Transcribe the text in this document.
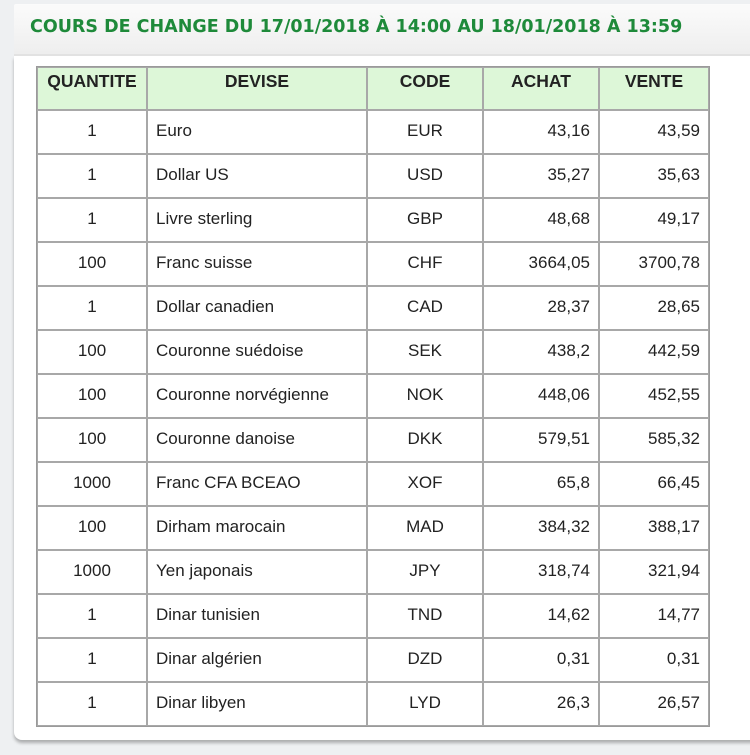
COURS DE CHANGE DU 17/01/2018 À 14:00 AU 18/01/2018 À 13:59
QUANTITE	DEVISE	CODE	ACHAT	VENTE
1	Euro	EUR	43,16	43,59
1	Dollar US	USD	35,27	35,63
1	Livre sterling	GBP	48,68	49,17
100	Franc suisse	CHF	3664,05	3700,78
1	Dollar canadien	CAD	28,37	28,65
100	Couronne suédoise	SEK	438,2	442,59
100	Couronne norvégienne	NOK	448,06	452,55
100	Couronne danoise	DKK	579,51	585,32
1000	Franc CFA BCEAO	XOF	65,8	66,45
100	Dirham marocain	MAD	384,32	388,17
1000	Yen japonais	JPY	318,74	321,94
1	Dinar tunisien	TND	14,62	14,77
1	Dinar algérien	DZD	0,31	0,31
1	Dinar libyen	LYD	26,3	26,57
